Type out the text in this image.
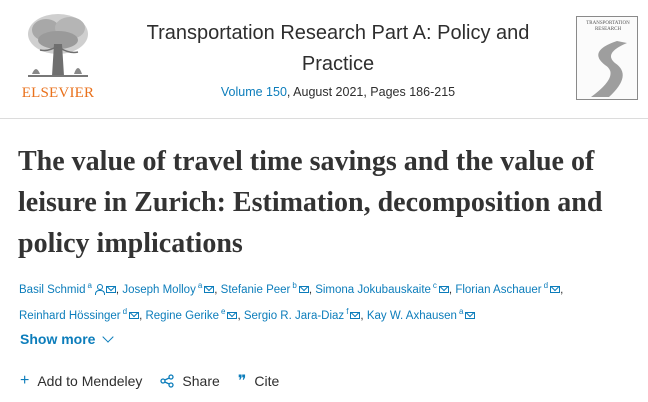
ELSEVIER
Transportation Research Part A: Policy and Practice
Volume 150, August 2021, Pages 186-215
TRANSPORTATION RESEARCH
The value of travel time savings and the value of leisure in Zurich: Estimation, decomposition and policy implications
Basil Schmid $^a$ , Joseph Molloy $^a$ , Stefanie Peer $^b$ , Simona Jokubauskaite $^c$ , Florian Aschauer $^d$ ,
Reinhard Hössinger $^d$ , Regine Gerike $^e$ , Sergio R. Jara-Diaz $^f$ , Kay W. Axhausen $^a$
Show more
+ Add to Mendeley	Share ❞ Cite
